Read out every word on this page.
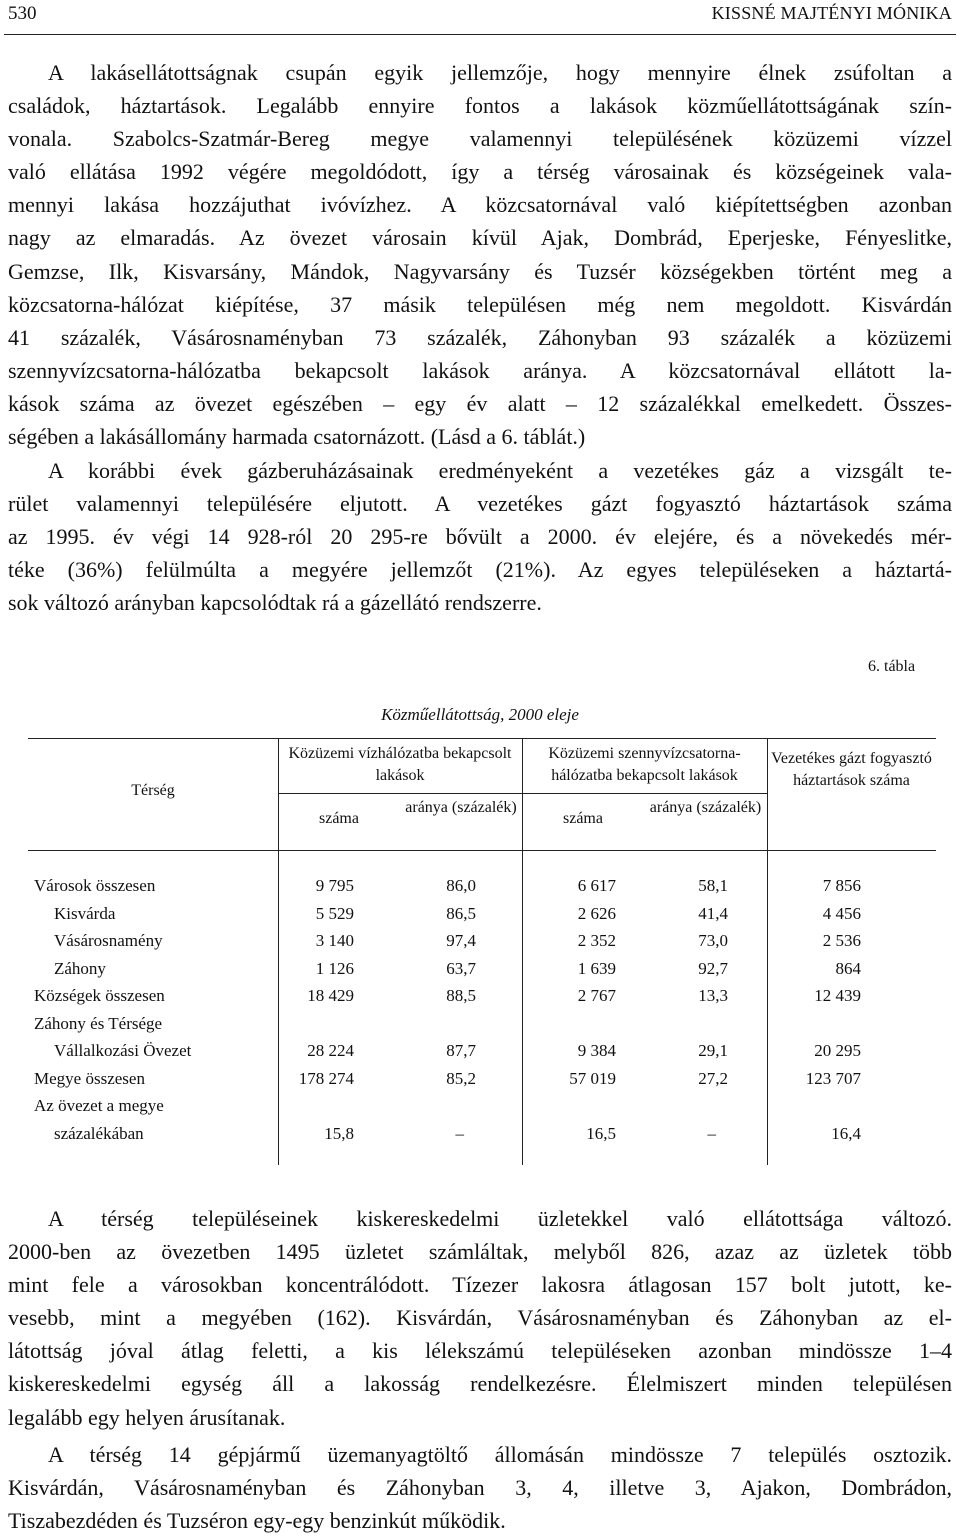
530	KISSNÉ MAJTÉNYI MÓNIKA
A lakásellátottságnak csupán egyik jellemzője, hogy mennyire élnek zsúfoltan a
családok, háztartások. Legalább ennyire fontos a lakások közműellátottságának szín-
vonala. Szabolcs-Szatmár-Bereg megye valamennyi településének közüzemi vízzel
való ellátása 1992 végére megoldódott, így a térség városainak és községeinek vala-
mennyi lakása hozzájuthat ivóvízhez. A közcsatornával való kiépítettségben azonban
nagy az elmaradás. Az övezet városain kívül Ajak, Dombrád, Eperjeske, Fényeslitke,
Gemzse, Ilk, Kisvarsány, Mándok, Nagyvarsány és Tuzsér községekben történt meg a
közcsatorna-hálózat kiépítése, 37 másik településen még nem megoldott. Kisvárdán
41 százalék, Vásárosnaményban 73 százalék, Záhonyban 93 százalék a közüzemi
szennyvízcsatorna-hálózatba bekapcsolt lakások aránya. A közcsatornával ellátott la-
kások száma az övezet egészében – egy év alatt – 12 százalékkal emelkedett. Összes-
ségében a lakásállomány harmada csatornázott. (Lásd a 6. táblát.)
A korábbi évek gázberuházásainak eredményeként a vezetékes gáz a vizsgált te-
rület valamennyi településére eljutott. A vezetékes gázt fogyasztó háztartások száma
az 1995. év végi 14 928-ról 20 295-re bővült a 2000. év elejére, és a növekedés mér-
téke (36%) felülmúlta a megyére jellemzőt (21%). Az egyes településeken a háztartá-
sok változó arányban kapcsolódtak rá a gázellátó rendszerre.
6. tábla
Közműellátottság, 2000 eleje
Térség
Közüzemi vízhálózatba bekapcsolt lakások
Közüzemi szennyvízcsatorna-hálózatba bekapcsolt lakások
Vezetékes gázt fogyasztó háztartások száma
száma
aránya (százalék)
száma
aránya (százalék)
Városok összesen	9 795	86,0	6 617	58,1	7 856
Kisvárda	5 529	86,5	2 626	41,4	4 456
Vásárosnamény	3 140	97,4	2 352	73,0	2 536
Záhony	1 126	63,7	1 639	92,7	864
Községek összesen	18 429	88,5	2 767	13,3	12 439
Záhony és Térsége
Vállalkozási Övezet	28 224	87,7	9 384	29,1	20 295
Megye összesen	178 274	85,2	57 019	27,2	123 707
Az övezet a megye
százalékában	15,8	–	16,5	–	16,4
A térség településeinek kiskereskedelmi üzletekkel való ellátottsága változó.
2000-ben az övezetben 1495 üzletet számláltak, melyből 826, azaz az üzletek több
mint fele a városokban koncentrálódott. Tízezer lakosra átlagosan 157 bolt jutott, ke-
vesebb, mint a megyében (162). Kisvárdán, Vásárosnaményban és Záhonyban az el-
látottság jóval átlag feletti, a kis lélekszámú településeken azonban mindössze 1–4
kiskereskedelmi egység áll a lakosság rendelkezésre. Élelmiszert minden településen
legalább egy helyen árusítanak.
A térség 14 gépjármű üzemanyagtöltő állomásán mindössze 7 település osztozik.
Kisvárdán, Vásárosnaményban és Záhonyban 3, 4, illetve 3, Ajakon, Dombrádon,
Tiszabezdéden és Tuzséron egy-egy benzinkút működik.
